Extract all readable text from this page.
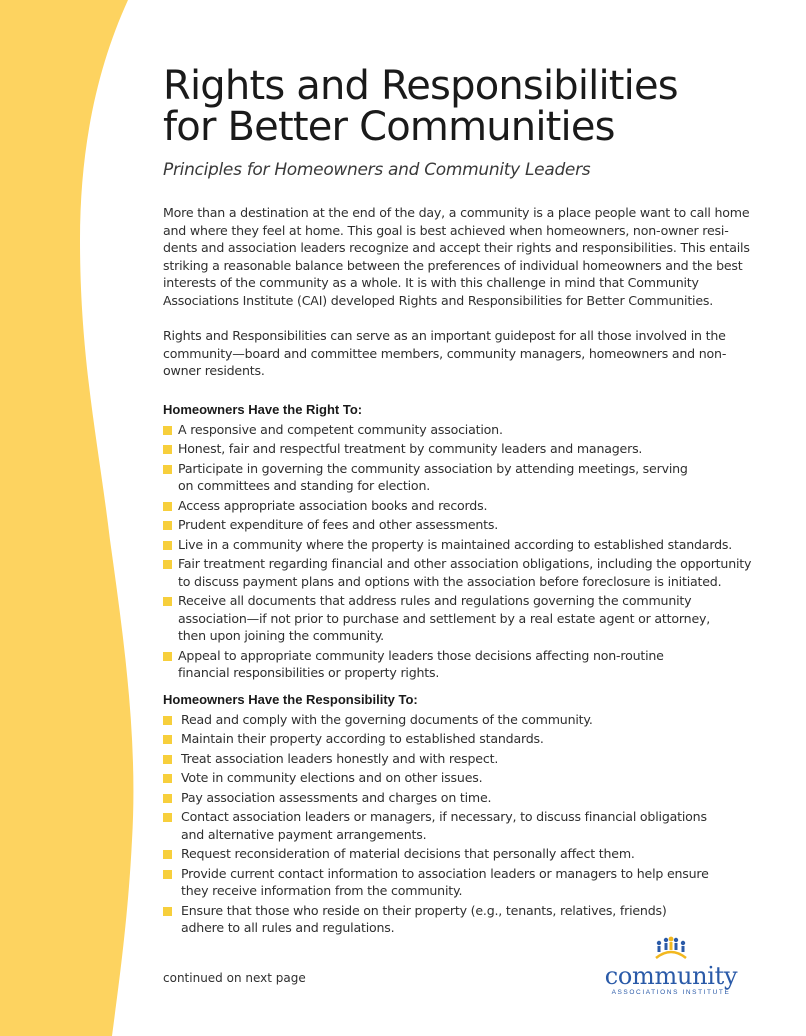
Rights and Responsibilities
for Better Communities

Principles for Homeowners and Community Leaders

More than a destination at the end of the day, a community is a place people want to call home
and where they feel at home. This goal is best achieved when homeowners, non-owner resi-
dents and association leaders recognize and accept their rights and responsibilities. This entails
striking a reasonable balance between the preferences of individual homeowners and the best
interests of the community as a whole. It is with this challenge in mind that Community
Associations Institute (CAI) developed Rights and Responsibilities for Better Communities.

Rights and Responsibilities can serve as an important guidepost for all those involved in the
community—board and committee members, community managers, homeowners and non-
owner residents.

Homeowners Have the Right To:
A responsive and competent community association.
Honest, fair and respectful treatment by community leaders and managers.
Participate in governing the community association by attending meetings, serving
on committees and standing for election.
Access appropriate association books and records.
Prudent expenditure of fees and other assessments.
Live in a community where the property is maintained according to established standards.
Fair treatment regarding financial and other association obligations, including the opportunity
to discuss payment plans and options with the association before foreclosure is initiated.
Receive all documents that address rules and regulations governing the community
association—if not prior to purchase and settlement by a real estate agent or attorney,
then upon joining the community.
Appeal to appropriate community leaders those decisions affecting non-routine
financial responsibilities or property rights.
Homeowners Have the Responsibility To:
Read and comply with the governing documents of the community.
Maintain their property according to established standards.
Treat association leaders honestly and with respect.
Vote in community elections and on other issues.
Pay association assessments and charges on time.
Contact association leaders or managers, if necessary, to discuss financial obligations
and alternative payment arrangements.
Request reconsideration of material decisions that personally affect them.
Provide current contact information to association leaders or managers to help ensure
they receive information from the community.
Ensure that those who reside on their property (e.g., tenants, relatives, friends)
adhere to all rules and regulations.
continued on next page	community
ASSOCIATIONS INSTITUTE
